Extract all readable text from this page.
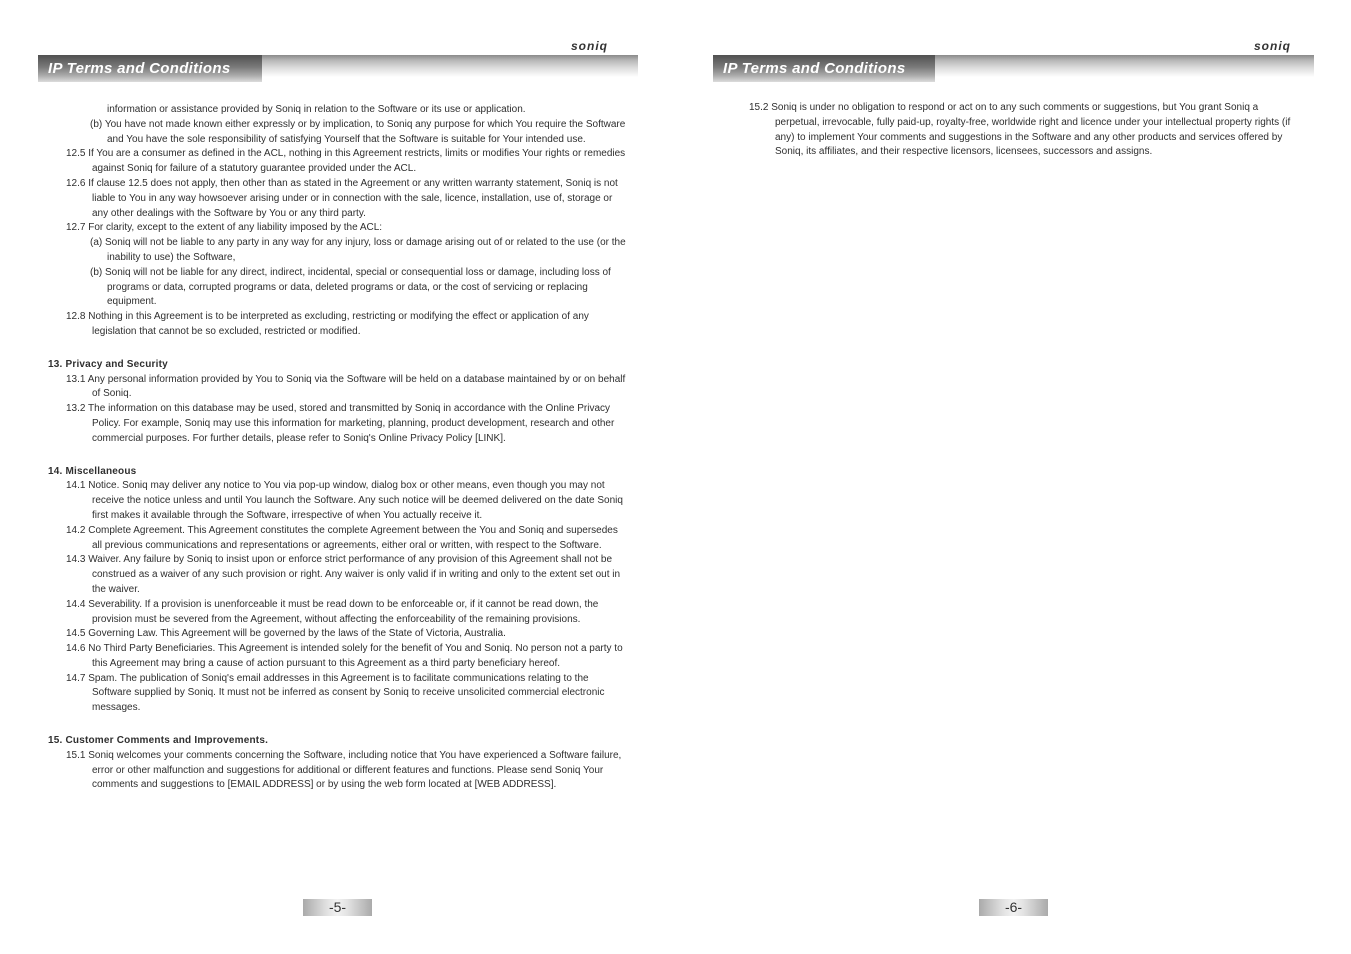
soniq
IP Terms and Conditions

information or assistance provided by Soniq in relation to the Software or its use or application.

(b) You have not made known either expressly or by implication, to Soniq any purpose for which You require the Software and You have the sole responsibility of satisfying Yourself that the Software is suitable for Your intended use.

12.5 If You are a consumer as defined in the ACL, nothing in this Agreement restricts, limits or modifies Your rights or remedies against Soniq for failure of a statutory guarantee provided under the ACL.

12.6 If clause 12.5 does not apply, then other than as stated in the Agreement or any written warranty statement, Soniq is not liable to You in any way howsoever arising under or in connection with the sale, licence, installation, use of, storage or any other dealings with the Software by You or any third party.

12.7 For clarity, except to the extent of any liability imposed by the ACL:

(a) Soniq will not be liable to any party in any way for any injury, loss or damage arising out of or related to the use (or the inability to use) the Software,

(b) Soniq will not be liable for any direct, indirect, incidental, special or consequential loss or damage, including loss of programs or data, corrupted programs or data, deleted programs or data, or the cost of servicing or replacing equipment.

12.8 Nothing in this Agreement is to be interpreted as excluding, restricting or modifying the effect or application of any legislation that cannot be so excluded, restricted or modified.

13. Privacy and Security

13.1 Any personal information provided by You to Soniq via the Software will be held on a database maintained by or on behalf of Soniq.

13.2 The information on this database may be used, stored and transmitted by Soniq in accordance with the Online Privacy Policy. For example, Soniq may use this information for marketing, planning, product development, research and other commercial purposes. For further details, please refer to Soniq's Online Privacy Policy [LINK].

14. Miscellaneous

14.1 Notice. Soniq may deliver any notice to You via pop-up window, dialog box or other means, even though you may not receive the notice unless and until You launch the Software. Any such notice will be deemed delivered on the date Soniq first makes it available through the Software, irrespective of when You actually receive it.

14.2 Complete Agreement. This Agreement constitutes the complete Agreement between the You and Soniq and supersedes all previous communications and representations or agreements, either oral or written, with respect to the Software.

14.3 Waiver. Any failure by Soniq to insist upon or enforce strict performance of any provision of this Agreement shall not be construed as a waiver of any such provision or right. Any waiver is only valid if in writing and only to the extent set out in the waiver.

14.4 Severability. If a provision is unenforceable it must be read down to be enforceable or, if it cannot be read down, the provision must be severed from the Agreement, without affecting the enforceability of the remaining provisions.

14.5 Governing Law. This Agreement will be governed by the laws of the State of Victoria, Australia.

14.6 No Third Party Beneficiaries. This Agreement is intended solely for the benefit of You and Soniq. No person not a party to this Agreement may bring a cause of action pursuant to this Agreement as a third party beneficiary hereof.

14.7 Spam. The publication of Soniq's email addresses in this Agreement is to facilitate communications relating to the Software supplied by Soniq. It must not be inferred as consent by Soniq to receive unsolicited commercial electronic messages.

15. Customer Comments and Improvements.

15.1 Soniq welcomes your comments concerning the Software, including notice that You have experienced a Software failure, error or other malfunction and suggestions for additional or different features and functions. Please send Soniq Your comments and suggestions to [EMAIL ADDRESS] or by using the web form located at [WEB ADDRESS].

-5-
soniq
IP Terms and Conditions

15.2 Soniq is under no obligation to respond or act on to any such comments or suggestions, but You grant Soniq a perpetual, irrevocable, fully paid-up, royalty-free, worldwide right and licence under your intellectual property rights (if any) to implement Your comments and suggestions in the Software and any other products and services offered by Soniq, its affiliates, and their respective licensors, licensees, successors and assigns.

-6-
